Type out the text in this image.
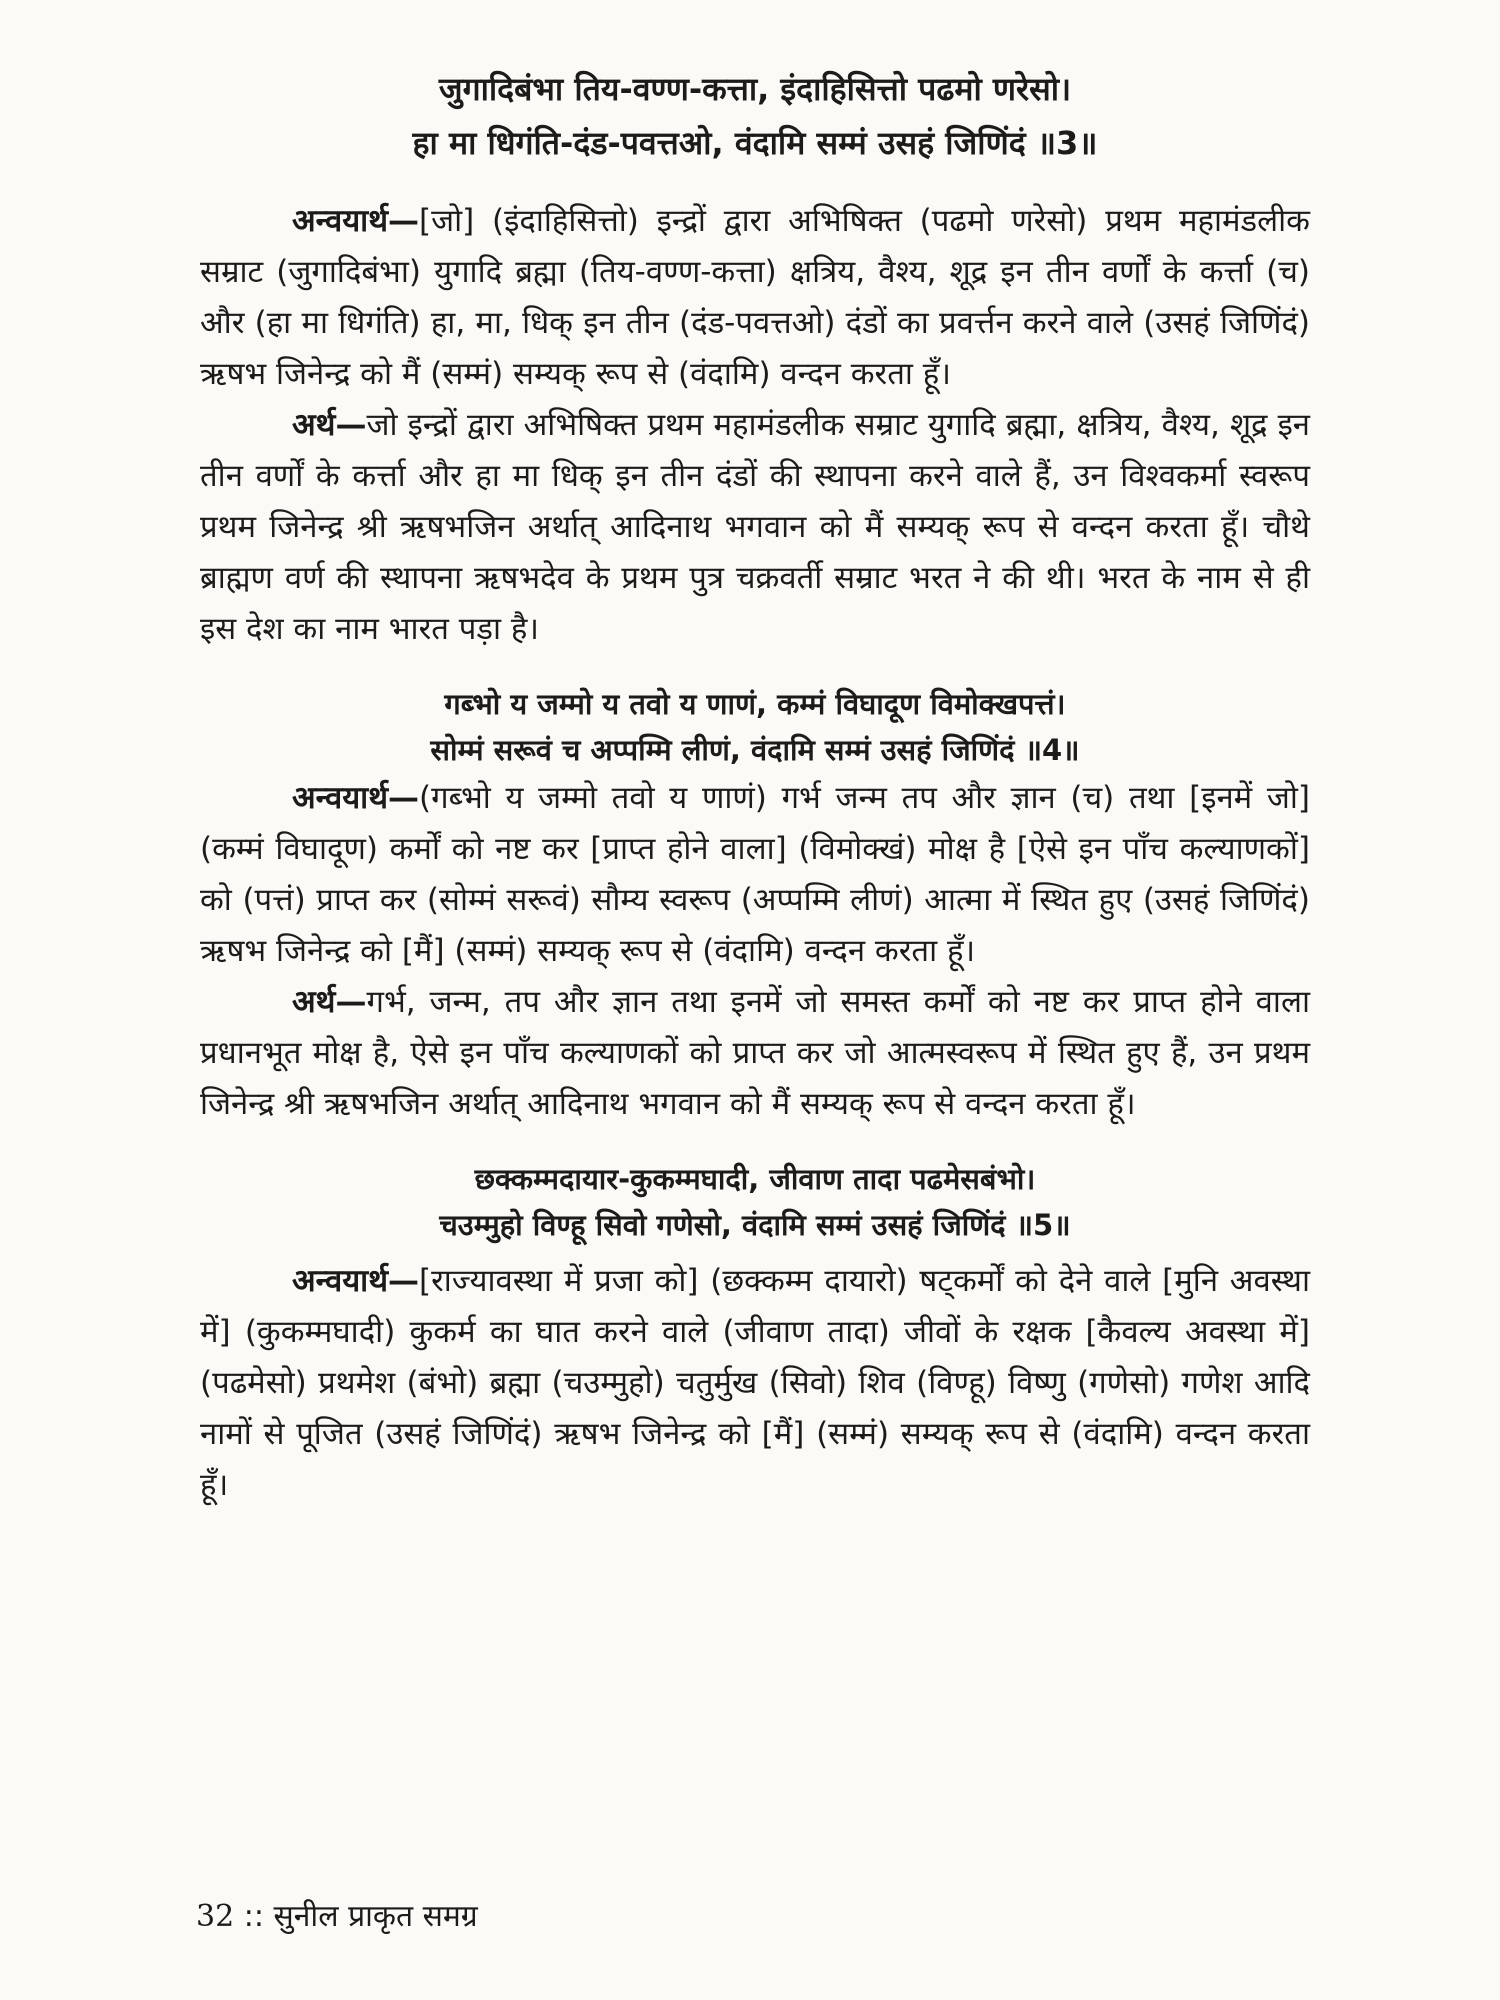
जुगादिबंभा तिय-वण्ण-कत्ता, इंदाहिसित्तो पढमो णरेसो।
हा मा धिगंति-दंड-पवत्तओ, वंदामि सम्मं उसहं जिणिंदं ॥3॥

अन्वयार्थ—[जो] (इंदाहिसित्तो) इन्द्रों द्वारा अभिषिक्त (पढमो णरेसो) प्रथम महामंडलीक सम्राट (जुगादिबंभा) युगादि ब्रह्मा (तिय-वण्ण-कत्ता) क्षत्रिय, वैश्य, शूद्र इन तीन वर्णों के कर्त्ता (च) और (हा मा धिगंति) हा, मा, धिक् इन तीन (दंड-पवत्तओ) दंडों का प्रवर्त्तन करने वाले (उसहं जिणिंदं) ऋषभ जिनेन्द्र को मैं (सम्मं) सम्यक् रूप से (वंदामि) वन्दन करता हूँ।

अर्थ—जो इन्द्रों द्वारा अभिषिक्त प्रथम महामंडलीक सम्राट युगादि ब्रह्मा, क्षत्रिय, वैश्य, शूद्र इन तीन वर्णों के कर्त्ता और हा मा धिक् इन तीन दंडों की स्थापना करने वाले हैं, उन विश्वकर्मा स्वरूप प्रथम जिनेन्द्र श्री ऋषभजिन अर्थात् आदिनाथ भगवान को मैं सम्यक् रूप से वन्दन करता हूँ। चौथे ब्राह्मण वर्ण की स्थापना ऋषभदेव के प्रथम पुत्र चक्रवर्ती सम्राट भरत ने की थी। भरत के नाम से ही इस देश का नाम भारत पड़ा है।

गब्भो य जम्मो य तवो य णाणं, कम्मं विघादूण विमोक्खपत्तं।
सोम्मं सरूवं च अप्पम्मि लीणं, वंदामि सम्मं उसहं जिणिंदं ॥4॥

अन्वयार्थ—(गब्भो य जम्मो तवो य णाणं) गर्भ जन्म तप और ज्ञान (च) तथा [इनमें जो] (कम्मं विघादूण) कर्मों को नष्ट कर [प्राप्त होने वाला] (विमोक्खं) मोक्ष है [ऐसे इन पाँच कल्याणकों] को (पत्तं) प्राप्त कर (सोम्मं सरूवं) सौम्य स्वरूप (अप्पम्मि लीणं) आत्मा में स्थित हुए (उसहं जिणिंदं) ऋषभ जिनेन्द्र को [मैं] (सम्मं) सम्यक् रूप से (वंदामि) वन्दन करता हूँ।

अर्थ—गर्भ, जन्म, तप और ज्ञान तथा इनमें जो समस्त कर्मों को नष्ट कर प्राप्त होने वाला प्रधानभूत मोक्ष है, ऐसे इन पाँच कल्याणकों को प्राप्त कर जो आत्मस्वरूप में स्थित हुए हैं, उन प्रथम जिनेन्द्र श्री ऋषभजिन अर्थात् आदिनाथ भगवान को मैं सम्यक् रूप से वन्दन करता हूँ।

छक्कम्मदायार-कुकम्मघादी, जीवाण तादा पढमेसबंभो।
चउम्मुहो विण्हू सिवो गणेसो, वंदामि सम्मं उसहं जिणिंदं ॥5॥

अन्वयार्थ—[राज्यावस्था में प्रजा को] (छक्कम्म दायारो) षट्कर्मों को देने वाले [मुनि अवस्था में] (कुकम्मघादी) कुकर्म का घात करने वाले (जीवाण तादा) जीवों के रक्षक [कैवल्य अवस्था में] (पढमेसो) प्रथमेश (बंभो) ब्रह्मा (चउम्मुहो) चतुर्मुख (सिवो) शिव (विण्हू) विष्णु (गणेसो) गणेश आदि नामों से पूजित (उसहं जिणिंदं) ऋषभ जिनेन्द्र को [मैं] (सम्मं) सम्यक् रूप से (वंदामि) वन्दन करता हूँ।

32 :: सुनील प्राकृत समग्र
